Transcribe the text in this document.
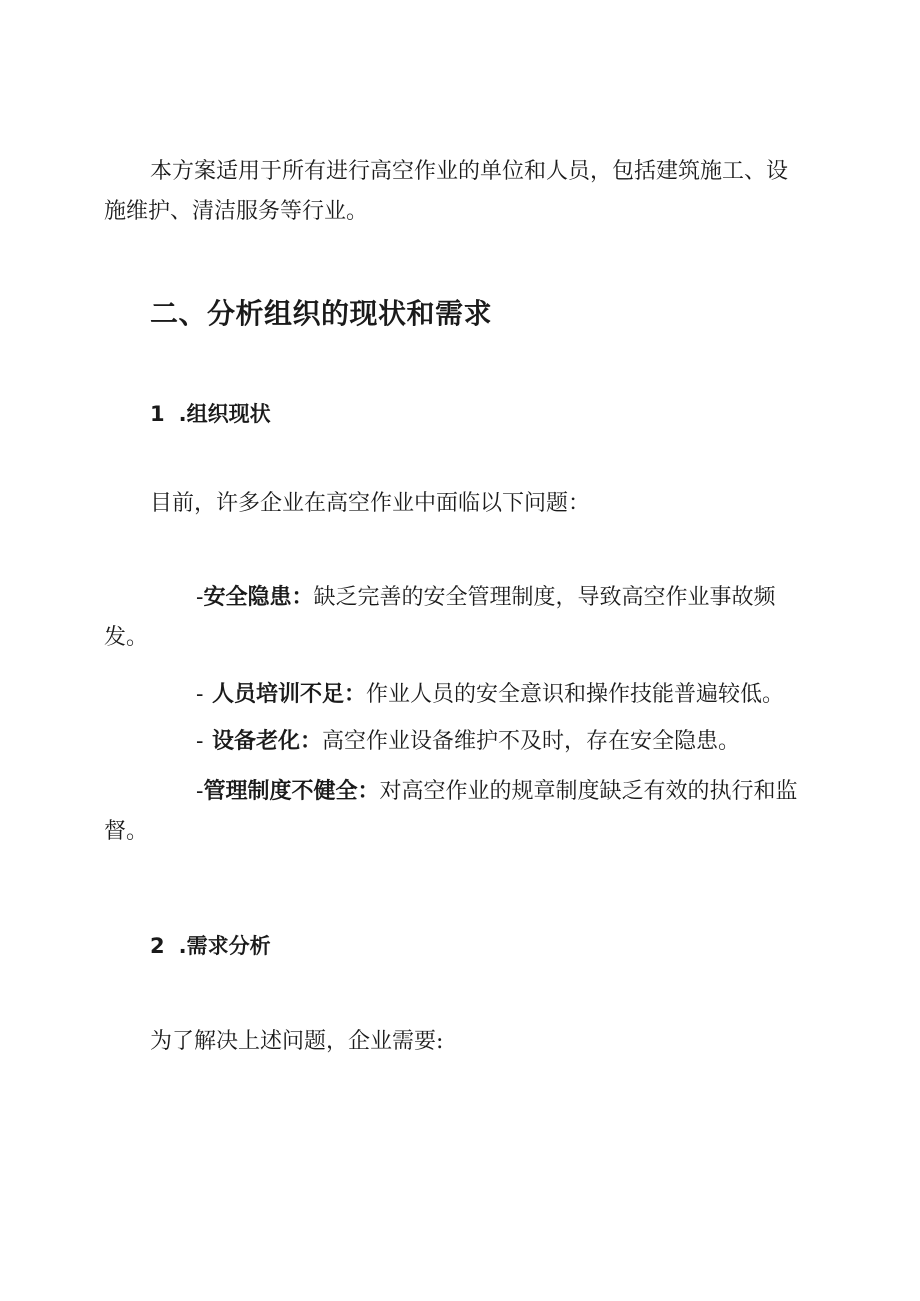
本方案适用于所有进行高空作业的单位和人员，包括建筑施工、设施维护、清洁服务等行业。

二、分析组织的现状和需求
1 .组织现状

目前，许多企业在高空作业中面临以下问题：

-安全隐患：缺乏完善的安全管理制度，导致高空作业事故频发。

- 人员培训不足：作业人员的安全意识和操作技能普遍较低。

- 设备老化：高空作业设备维护不及时，存在安全隐患。

-管理制度不健全：对高空作业的规章制度缺乏有效的执行和监督。

2 .需求分析

为了解决上述问题，企业需要:
